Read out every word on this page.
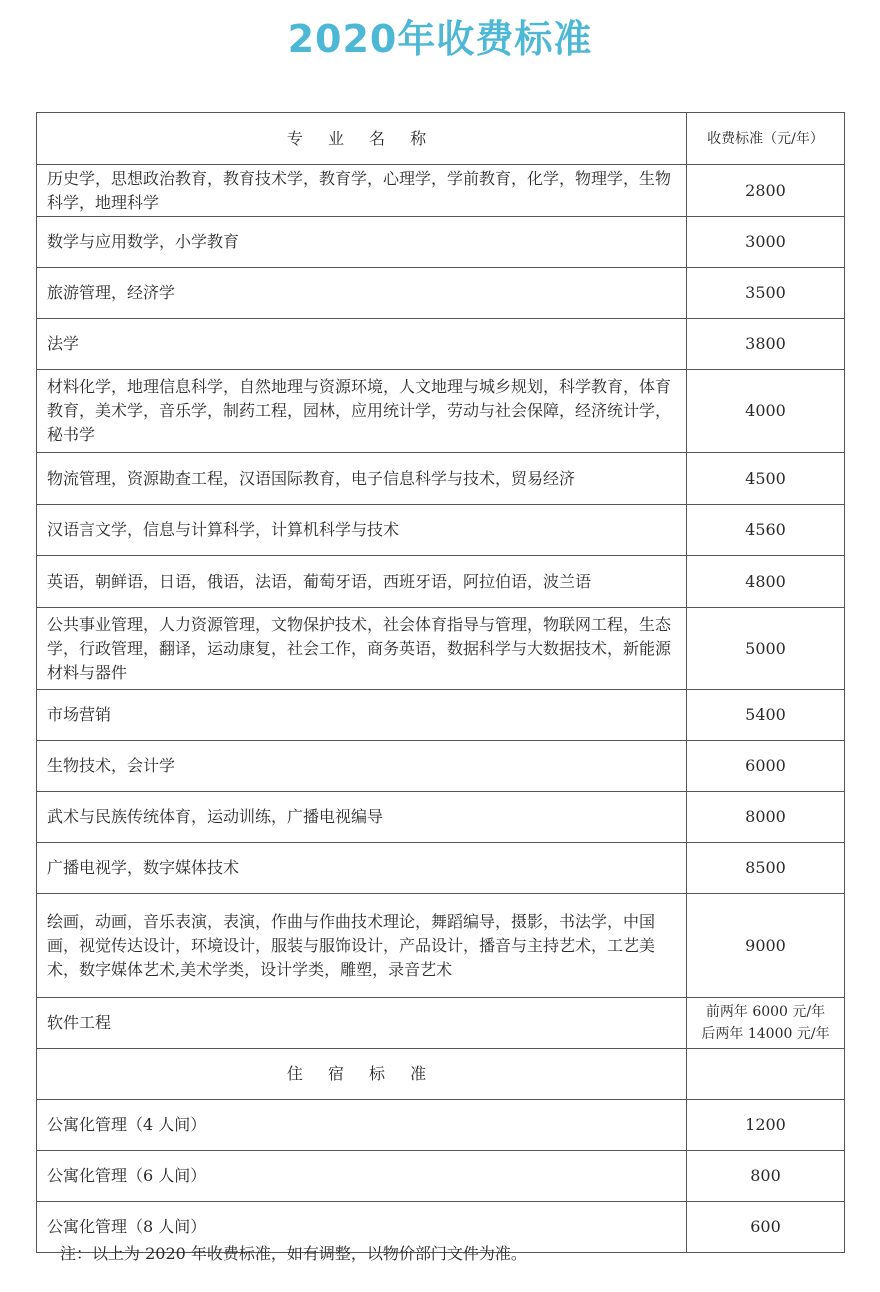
2020年收费标准
专 业 名 称	收费标准（元/年）
历史学，思想政治教育，教育技术学，教育学，心理学，学前教育，化学，物理学，生物科学，地理科学	2800
数学与应用数学，小学教育	3000
旅游管理，经济学	3500
法学	3800
材料化学，地理信息科学，自然地理与资源环境，人文地理与城乡规划，科学教育，体育教育，美术学，音乐学，制药工程，园林，应用统计学，劳动与社会保障，经济统计学，秘书学	4000
物流管理，资源勘查工程，汉语国际教育，电子信息科学与技术，贸易经济	4500
汉语言文学，信息与计算科学，计算机科学与技术	4560
英语，朝鲜语，日语，俄语，法语，葡萄牙语，西班牙语，阿拉伯语，波兰语	4800
公共事业管理，人力资源管理，文物保护技术，社会体育指导与管理，物联网工程，生态学，行政管理，翻译，运动康复，社会工作，商务英语，数据科学与大数据技术，新能源材料与器件	5000
市场营销	5400
生物技术，会计学	6000
武术与民族传统体育，运动训练，广播电视编导	8000
广播电视学，数字媒体技术	8500
绘画，动画，音乐表演，表演，作曲与作曲技术理论，舞蹈编导，摄影，书法学，中国画，视觉传达设计，环境设计，服装与服饰设计，产品设计，播音与主持艺术，工艺美术，数字媒体艺术,美术学类，设计学类，雕塑，录音艺术	9000
软件工程	前两年 6000 元/年
后两年 14000 元/年

住 宿 标 准	
公寓化管理（4 人间）	1200
公寓化管理（6 人间）	800
公寓化管理（8 人间）	600
注：以上为 2020 年收费标准，如有调整，以物价部门文件为准。
